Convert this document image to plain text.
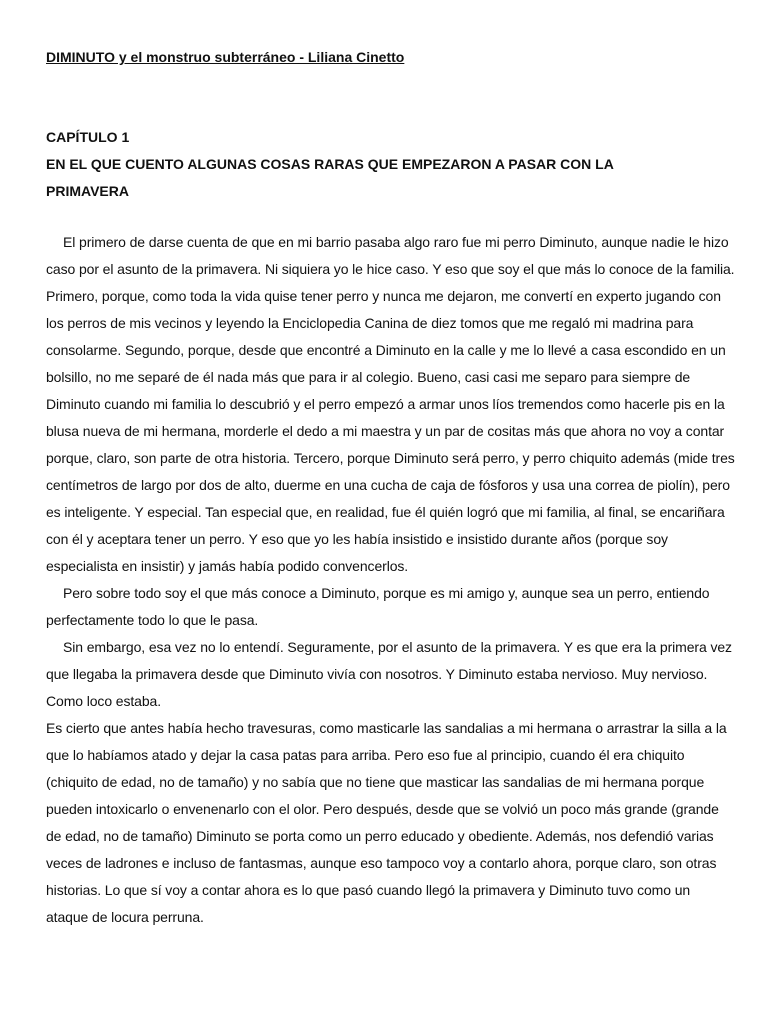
DIMINUTO y el monstruo subterráneo - Liliana Cinetto
CAPÍTULO 1
EN EL QUE CUENTO ALGUNAS COSAS RARAS QUE EMPEZARON A PASAR CON LA
PRIMAVERA

El primero de darse cuenta de que en mi barrio pasaba algo raro fue mi perro Diminuto, aunque nadie le hizo caso por el asunto de la primavera. Ni siquiera yo le hice caso. Y eso que soy el que más lo conoce de la familia. Primero, porque, como toda la vida quise tener perro y nunca me dejaron, me convertí en experto jugando con los perros de mis vecinos y leyendo la Enciclopedia Canina de diez tomos que me regaló mi madrina para consolarme. Segundo, porque, desde que encontré a Diminuto en la calle y me lo llevé a casa escondido en un bolsillo, no me separé de él nada más que para ir al colegio. Bueno, casi casi me separo para siempre de Diminuto cuando mi familia lo descubrió y el perro empezó a armar unos líos tremendos como hacerle pis en la blusa nueva de mi hermana, morderle el dedo a mi maestra y un par de cositas más que ahora no voy a contar porque, claro, son parte de otra historia. Tercero, porque Diminuto será perro, y perro chiquito además (mide tres centímetros de largo por dos de alto, duerme en una cucha de caja de fósforos y usa una correa de piolín), pero es inteligente. Y especial. Tan especial que, en realidad, fue él quién logró que mi familia, al final, se encariñara con él y aceptara tener un perro. Y eso que yo les había insistido e insistido durante años (porque soy especialista en insistir) y jamás había podido convencerlos.

Pero sobre todo soy el que más conoce a Diminuto, porque es mi amigo y, aunque sea un perro, entiendo perfectamente todo lo que le pasa.

Sin embargo, esa vez no lo entendí. Seguramente, por el asunto de la primavera. Y es que era la primera vez que llegaba la primavera desde que Diminuto vivía con nosotros. Y Diminuto estaba nervioso. Muy nervioso. Como loco estaba.

Es cierto que antes había hecho travesuras, como masticarle las sandalias a mi hermana o arrastrar la silla a la que lo habíamos atado y dejar la casa patas para arriba. Pero eso fue al principio, cuando él era chiquito (chiquito de edad, no de tamaño) y no sabía que no tiene que masticar las sandalias de mi hermana porque pueden intoxicarlo o envenenarlo con el olor. Pero después, desde que se volvió un poco más grande (grande de edad, no de tamaño) Diminuto se porta como un perro educado y obediente. Además, nos defendió varias veces de ladrones e incluso de fantasmas, aunque eso tampoco voy a contarlo ahora, porque claro, son otras historias. Lo que sí voy a contar ahora es lo que pasó cuando llegó la primavera y Diminuto tuvo como un ataque de locura perruna.
